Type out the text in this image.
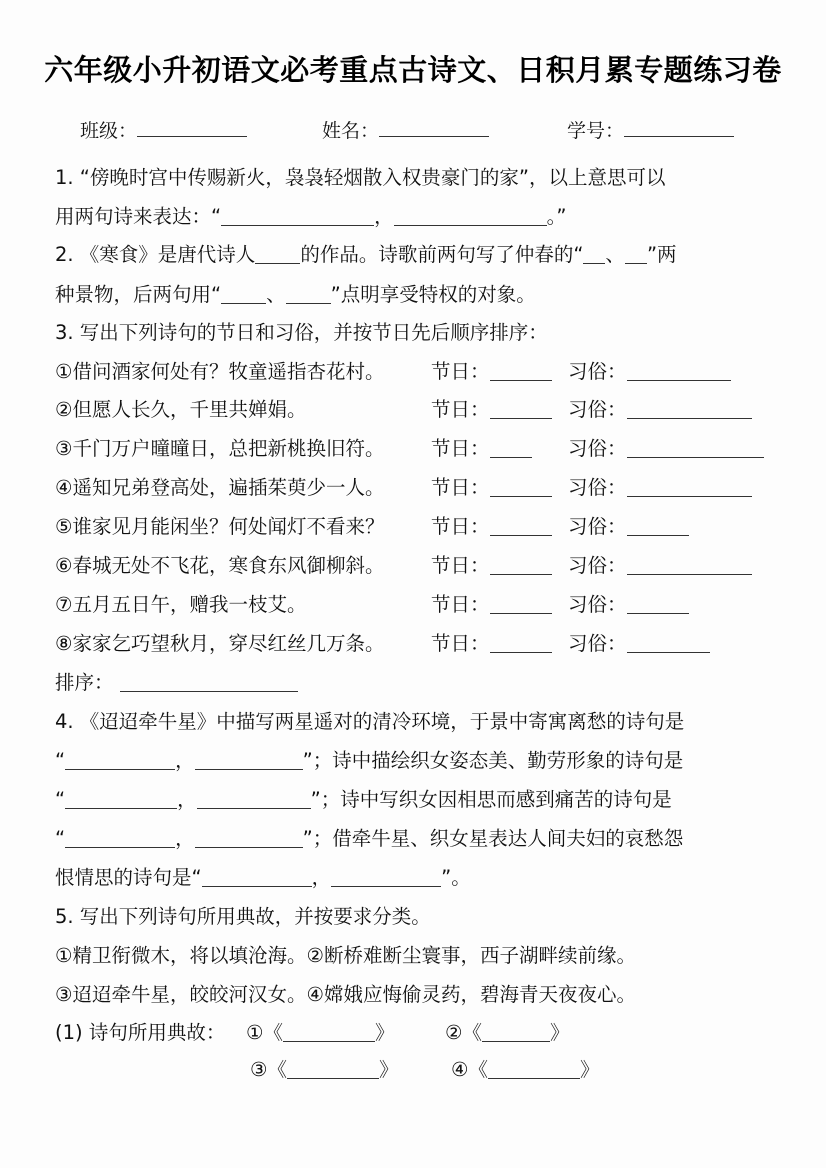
六年级小升初语文必考重点古诗文、日积月累专题练习卷
班级：	姓名：	学号：
1. “傍晚时宫中传赐新火，袅袅轻烟散入权贵豪门的家”，以上意思可以
用两句诗来表达：“	，	。”
2. 《寒食》是唐代诗人 的作品。诗歌前两句写了仲春的“ 、 ”两
种景物，后两句用“ 、 ”点明享受特权的对象。
3. 写出下列诗句的节日和习俗，并按节日先后顺序排序：
①借问酒家何处有？牧童遥指杏花村。 节日：	习俗：
②但愿人长久，千里共婵娟。	节日：	习俗：
③千门万户曈曈日，总把新桃换旧符。 节日：	习俗：
④遥知兄弟登高处，遍插茱萸少一人。 节日：	习俗：
⑤谁家见月能闲坐？何处闻灯不看来？ 节日：	习俗：
⑥春城无处不飞花，寒食东风御柳斜。 节日：	习俗：
⑦五月五日午，赠我一枝艾。	节日：	习俗：
⑧家家乞巧望秋月，穿尽红丝几万条。 节日：	习俗：
排序：
4. 《迢迢牵牛星》中描写两星遥对的清冷环境，于景中寄寓离愁的诗句是
“	，	”；诗中描绘织女姿态美、勤劳形象的诗句是
“	，	”；诗中写织女因相思而感到痛苦的诗句是
“	，	”；借牵牛星、织女星表达人间夫妇的哀愁怨
恨情思的诗句是“	，	”。
5. 写出下列诗句所用典故，并按要求分类。
①精卫衔微木，将以填沧海。②断桥难断尘寰事，西子湖畔续前缘。
③迢迢牵牛星，皎皎河汉女。④嫦娥应悔偷灵药，碧海青天夜夜心。
(1) 诗句所用典故： ①《	》	②《	》
③《	》	④《	》
